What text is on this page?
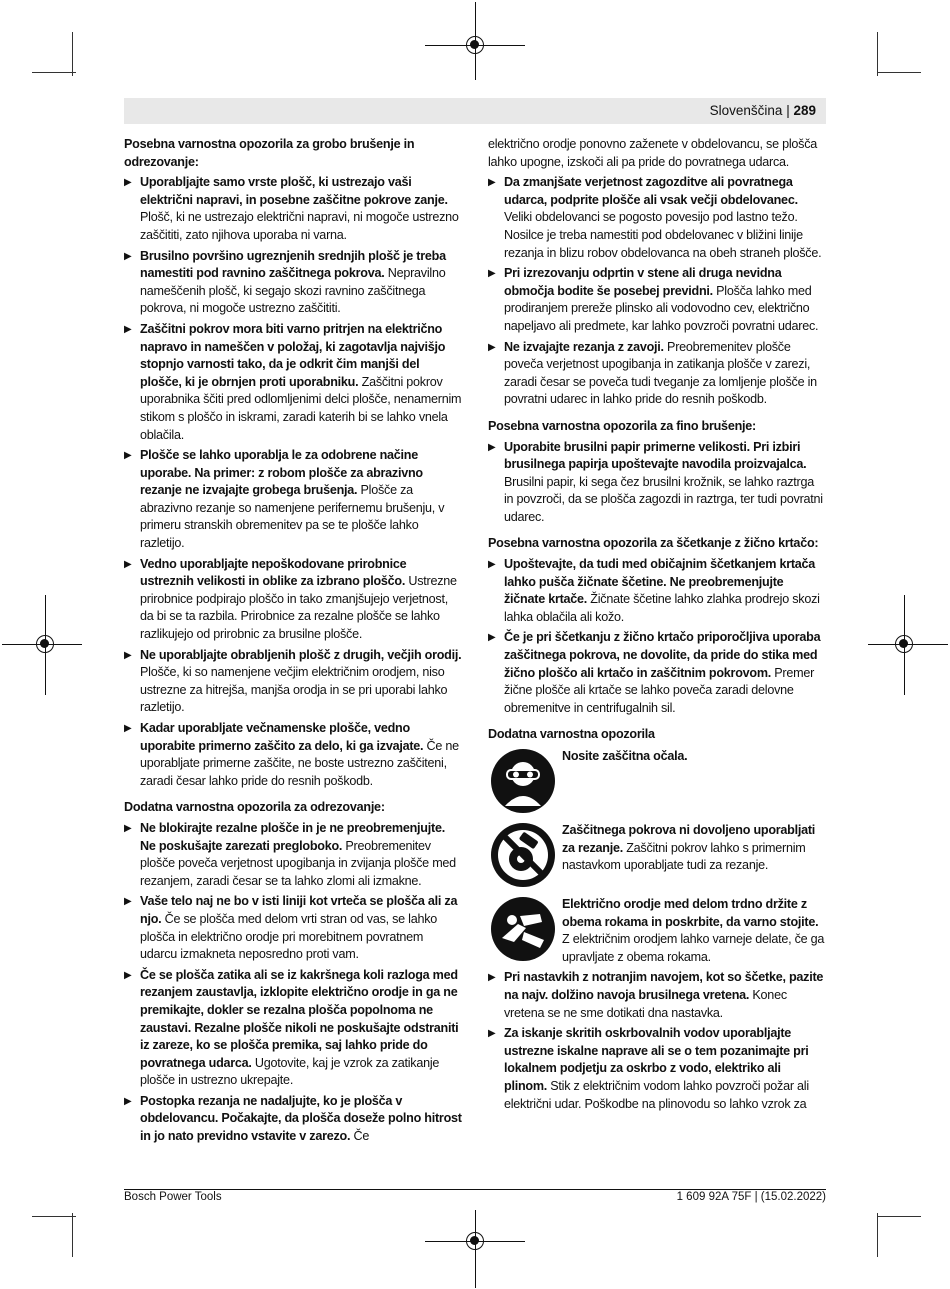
Slovenščina | 289

Posebna varnostna opozorila za grobo brušenje in odrezovanje:

▶ Uporabljajte samo vrste plošč, ki ustrezajo vaši električni napravi, in posebne zaščitne pokrove zanje. Plošč, ki ne ustrezajo električni napravi, ni mogoče ustrezno zaščititi, zato njihova uporaba ni varna.

▶ Brusilno površino ugreznjenih srednjih plošč je treba namestiti pod ravnino zaščitnega pokrova. Nepravilno nameščenih plošč, ki segajo skozi ravnino zaščitnega pokrova, ni mogoče ustrezno zaščititi.

▶ Zaščitni pokrov mora biti varno pritrjen na električno napravo in nameščen v položaj, ki zagotavlja najvišjo stopnjo varnosti tako, da je odkrit čim manjši del plošče, ki je obrnjen proti uporabniku. Zaščitni pokrov uporabnika ščiti pred odlomljenimi delci plošče, nenamernim stikom s ploščo in iskrami, zaradi katerih bi se lahko vnela oblačila.

▶ Plošče se lahko uporablja le za odobrene načine uporabe. Na primer: z robom plošče za abrazivno rezanje ne izvajajte grobega brušenja. Plošče za abrazivno rezanje so namenjene perifernemu brušenju, v primeru stranskih obremenitev pa se te plošče lahko razletijo.

▶ Vedno uporabljajte nepoškodovane prirobnice ustreznih velikosti in oblike za izbrano ploščo. Ustrezne prirobnice podpirajo ploščo in tako zmanjšujejo verjetnost, da bi se ta razbila. Prirobnice za rezalne plošče se lahko razlikujejo od prirobnic za brusilne plošče.

▶ Ne uporabljajte obrabljenih plošč z drugih, večjih orodij. Plošče, ki so namenjene večjim električnim orodjem, niso ustrezne za hitrejša, manjša orodja in se pri uporabi lahko razletijo.

▶ Kadar uporabljate večnamenske plošče, vedno uporabite primerno zaščito za delo, ki ga izvajate. Če ne uporabljate primerne zaščite, ne boste ustrezno zaščiteni, zaradi česar lahko pride do resnih poškodb.

Dodatna varnostna opozorila za odrezovanje:

▶ Ne blokirajte rezalne plošče in je ne preobremenjujte. Ne poskušajte zarezati pregloboko. Preobremenitev plošče poveča verjetnost upogibanja in zvijanja plošče med rezanjem, zaradi česar se ta lahko zlomi ali izmakne.

▶ Vaše telo naj ne bo v isti liniji kot vrteča se plošča ali za njo. Če se plošča med delom vrti stran od vas, se lahko plošča in električno orodje pri morebitnem povratnem udarcu izmakneta neposredno proti vam.

▶ Če se plošča zatika ali se iz kakršnega koli razloga med rezanjem zaustavlja, izklopite električno orodje in ga ne premikajte, dokler se rezalna plošča popolnoma ne zaustavi. Rezalne plošče nikoli ne poskušajte odstraniti iz zareze, ko se plošča premika, saj lahko pride do povratnega udarca. Ugotovite, kaj je vzrok za zatikanje plošče in ustrezno ukrepajte.

▶ Postopka rezanja ne nadaljujte, ko je plošča v obdelovancu. Počakajte, da plošča doseže polno hitrost in jo nato previdno vstavite v zarezo. Če

električno orodje ponovno zaženete v obdelovancu, se plošča lahko upogne, izskoči ali pa pride do povratnega udarca.

▶ Da zmanjšate verjetnost zagozditve ali povratnega udarca, podprite plošče ali vsak večji obdelovanec. Veliki obdelovanci se pogosto povesijo pod lastno težo. Nosilce je treba namestiti pod obdelovanec v bližini linije rezanja in blizu robov obdelovanca na obeh straneh plošče.

▶ Pri izrezovanju odprtin v stene ali druga nevidna območja bodite še posebej previdni. Plošča lahko med prodiranjem prereže plinsko ali vodovodno cev, električno napeljavo ali predmete, kar lahko povzroči povratni udarec.

▶ Ne izvajajte rezanja z zavoji. Preobremenitev plošče poveča verjetnost upogibanja in zatikanja plošče v zarezi, zaradi česar se poveča tudi tveganje za lomljenje plošče in povratni udarec in lahko pride do resnih poškodb.

Posebna varnostna opozorila za fino brušenje:

▶ Uporabite brusilni papir primerne velikosti. Pri izbiri brusilnega papirja upoštevajte navodila proizvajalca. Brusilni papir, ki sega čez brusilni krožnik, se lahko raztrga in povzroči, da se plošča zagozdi in raztrga, ter tudi povratni udarec.

Posebna varnostna opozorila za ščetkanje z žično krtačo:

▶ Upoštevajte, da tudi med običajnim ščetkanjem krtača lahko pušča žičnate ščetine. Ne preobremenjujte žičnate krtače. Žičnate ščetine lahko zlahka prodrejo skozi lahka oblačila ali kožo.

▶ Če je pri ščetkanju z žično krtačo priporočljiva uporaba zaščitnega pokrova, ne dovolite, da pride do stika med žično ploščo ali krtačo in zaščitnim pokrovom. Premer žične plošče ali krtače se lahko poveča zaradi delovne obremenitve in centrifugalnih sil.

Dodatna varnostna opozorila

Nosite zaščitna očala.

Zaščitnega pokrova ni dovoljeno uporabljati za rezanje. Zaščitni pokrov lahko s primernim nastavkom uporabljate tudi za rezanje.

Električno orodje med delom trdno držite z obema rokama in poskrbite, da varno stojite. Z električnim orodjem lahko varneje delate, če ga upravljate z obema rokama.

▶ Pri nastavkih z notranjim navojem, kot so ščetke, pazite na najv. dolžino navoja brusilnega vretena. Konec vretena se ne sme dotikati dna nastavka.

▶ Za iskanje skritih oskrbovalnih vodov uporabljajte ustrezne iskalne naprave ali se o tem pozanimajte pri lokalnem podjetju za oskrbo z vodo, elektriko ali plinom. Stik z električnim vodom lahko povzroči požar ali električni udar. Poškodbe na plinovodu so lahko vzrok za

Bosch Power Tools	1 609 92A 75F | (15.02.2022)
